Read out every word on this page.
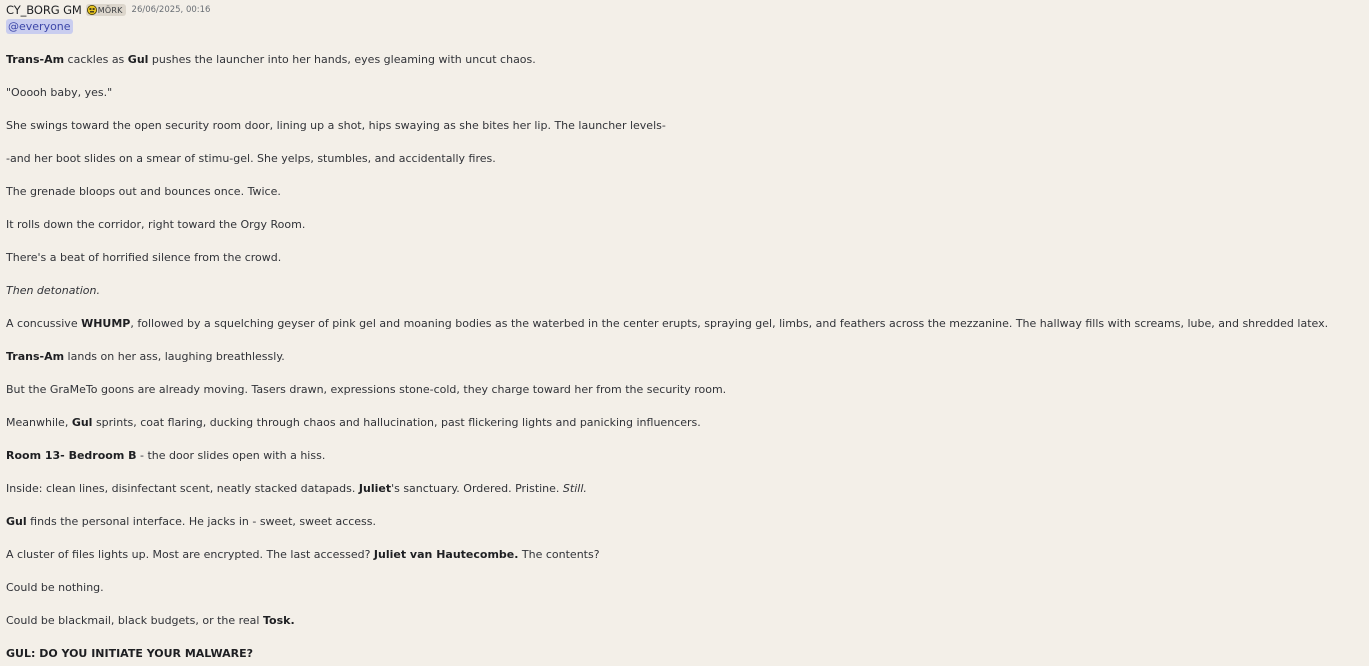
CY_BORG GM MÖRK 26/06/2025, 00:16
@everyone
Trans-Am cackles as Gul pushes the launcher into her hands, eyes gleaming with uncut chaos.
"Ooooh baby, yes."
She swings toward the open security room door, lining up a shot, hips swaying as she bites her lip. The launcher levels-
-and her boot slides on a smear of stimu-gel. She yelps, stumbles, and accidentally fires.
The grenade bloops out and bounces once. Twice.
It rolls down the corridor, right toward the Orgy Room.
There's a beat of horrified silence from the crowd.
Then detonation.
A concussive WHUMP, followed by a squelching geyser of pink gel and moaning bodies as the waterbed in the center erupts, spraying gel, limbs, and feathers across the mezzanine. The hallway fills with screams, lube, and shredded latex.
Trans-Am lands on her ass, laughing breathlessly.
But the GraMeTo goons are already moving. Tasers drawn, expressions stone-cold, they charge toward her from the security room.
Meanwhile, Gul sprints, coat flaring, ducking through chaos and hallucination, past flickering lights and panicking influencers.
Room 13- Bedroom B - the door slides open with a hiss.
Inside: clean lines, disinfectant scent, neatly stacked datapads. Juliet's sanctuary. Ordered. Pristine. Still.
Gul finds the personal interface. He jacks in - sweet, sweet access.
A cluster of files lights up. Most are encrypted. The last accessed? Juliet van Hautecombe. The contents?
Could be nothing.
Could be blackmail, black budgets, or the real Tosk.
GUL: DO YOU INITIATE YOUR MALWARE?
